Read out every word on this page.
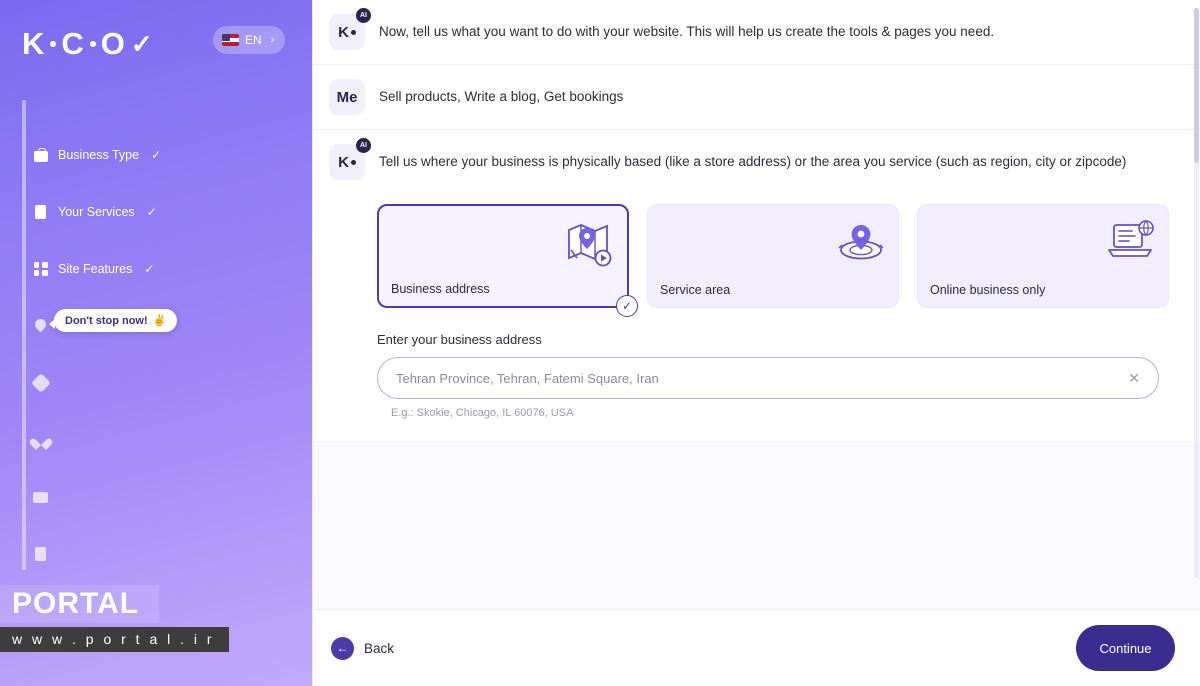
K C O ✓	EN ›
Business Type ✓
Your Services ✓
Site Features ✓
Don't stop now! ✌
PORTAL
w w w . p o r t a l . i r
K
AI
Now, tell us what you want to do with your website. This will help us create the tools & pages you need.
Me Sell products, Write a blog, Get bookings
K
AI
Tell us where your business is physically based (like a store address) or the area you service (such as region, city or zipcode)
Business address
✓
Service area	Online business only
Enter your business address
Tehran Province, Tehran, Fatemi Square, Iran
✕
E.g.: Skokie, Chicago, IL 60076, USA
←	Back	Continue
